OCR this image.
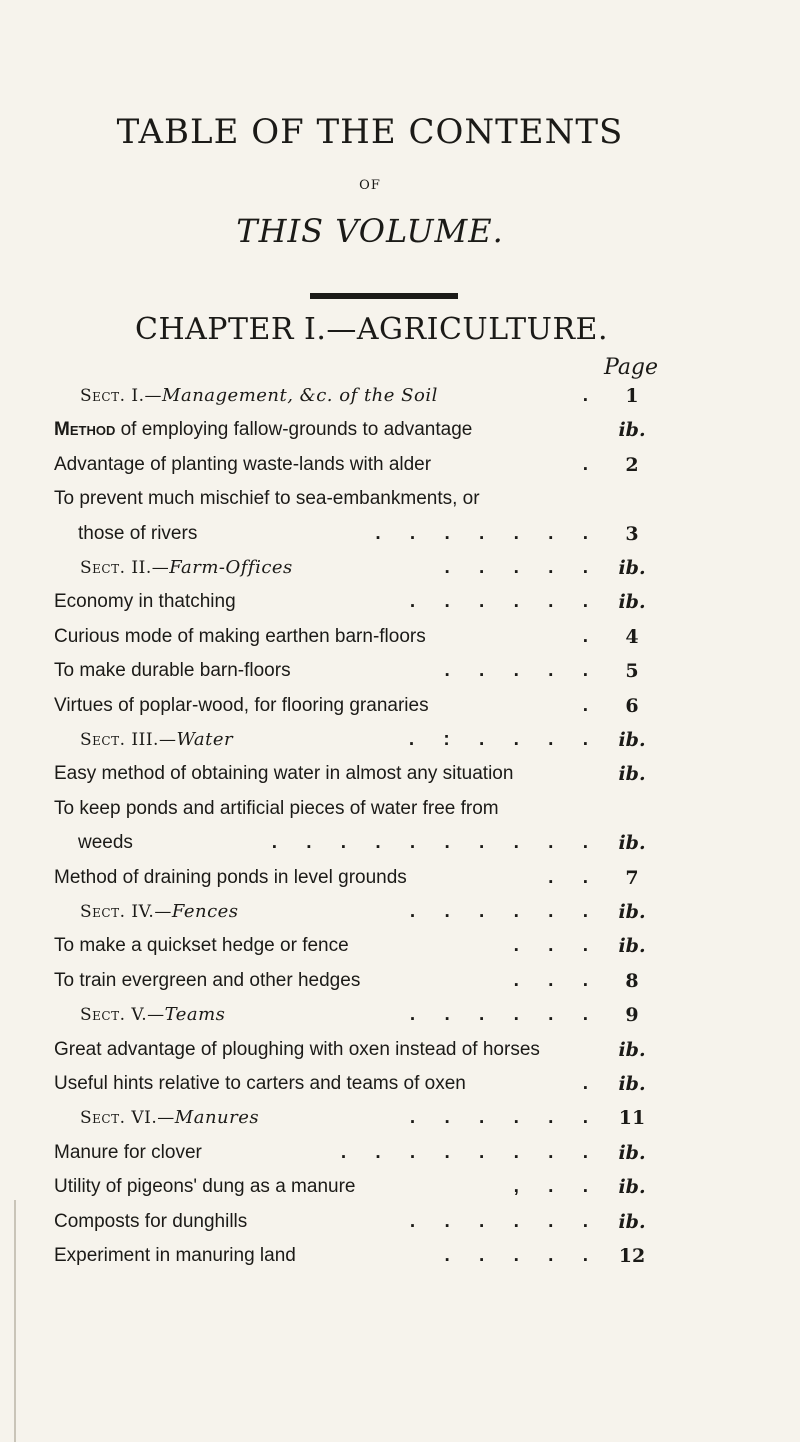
TABLE OF THE CONTENTS
OF
THIS VOLUME.
CHAPTER I.—AGRICULTURE.
Page
Sect. I.—Management, &c. of the Soil	.	1
Method of employing fallow-grounds to advantage	ib.
Advantage of planting waste-lands with alder	.	2
To prevent much mischief to sea-embankments, or
those of rivers	. . . . . . .	3
Sect. II.—Farm-Offices	. . . . . ib.
Economy in thatching	. . . . . . ib.
Curious mode of making earthen barn-floors	.	4
To make durable barn-floors	. . . . .	5
Virtues of poplar-wood, for flooring granaries	.	6
Sect. III.—Water	. : . . . . ib.
Easy method of obtaining water in almost any situation	ib.
To keep ponds and artificial pieces of water free from
weeds	. . . . . . . . . . ib.
Method of draining ponds in level grounds	. .	7
Sect. IV.—Fences	. . . . . . ib.
To make a quickset hedge or fence	. . . ib.
To train evergreen and other hedges	. . .	8
Sect. V.—Teams	. . . . . .	9
Great advantage of ploughing with oxen instead of horses	ib.
Useful hints relative to carters and teams of oxen	. ib.
Sect. VI.—Manures	. . . . . . 11
Manure for clover	. . . . . . . . ib.
Utility of pigeons' dung as a manure	, . . ib.
Composts for dunghills	. . . . . . ib.
Experiment in manuring land	. . . . . 12
